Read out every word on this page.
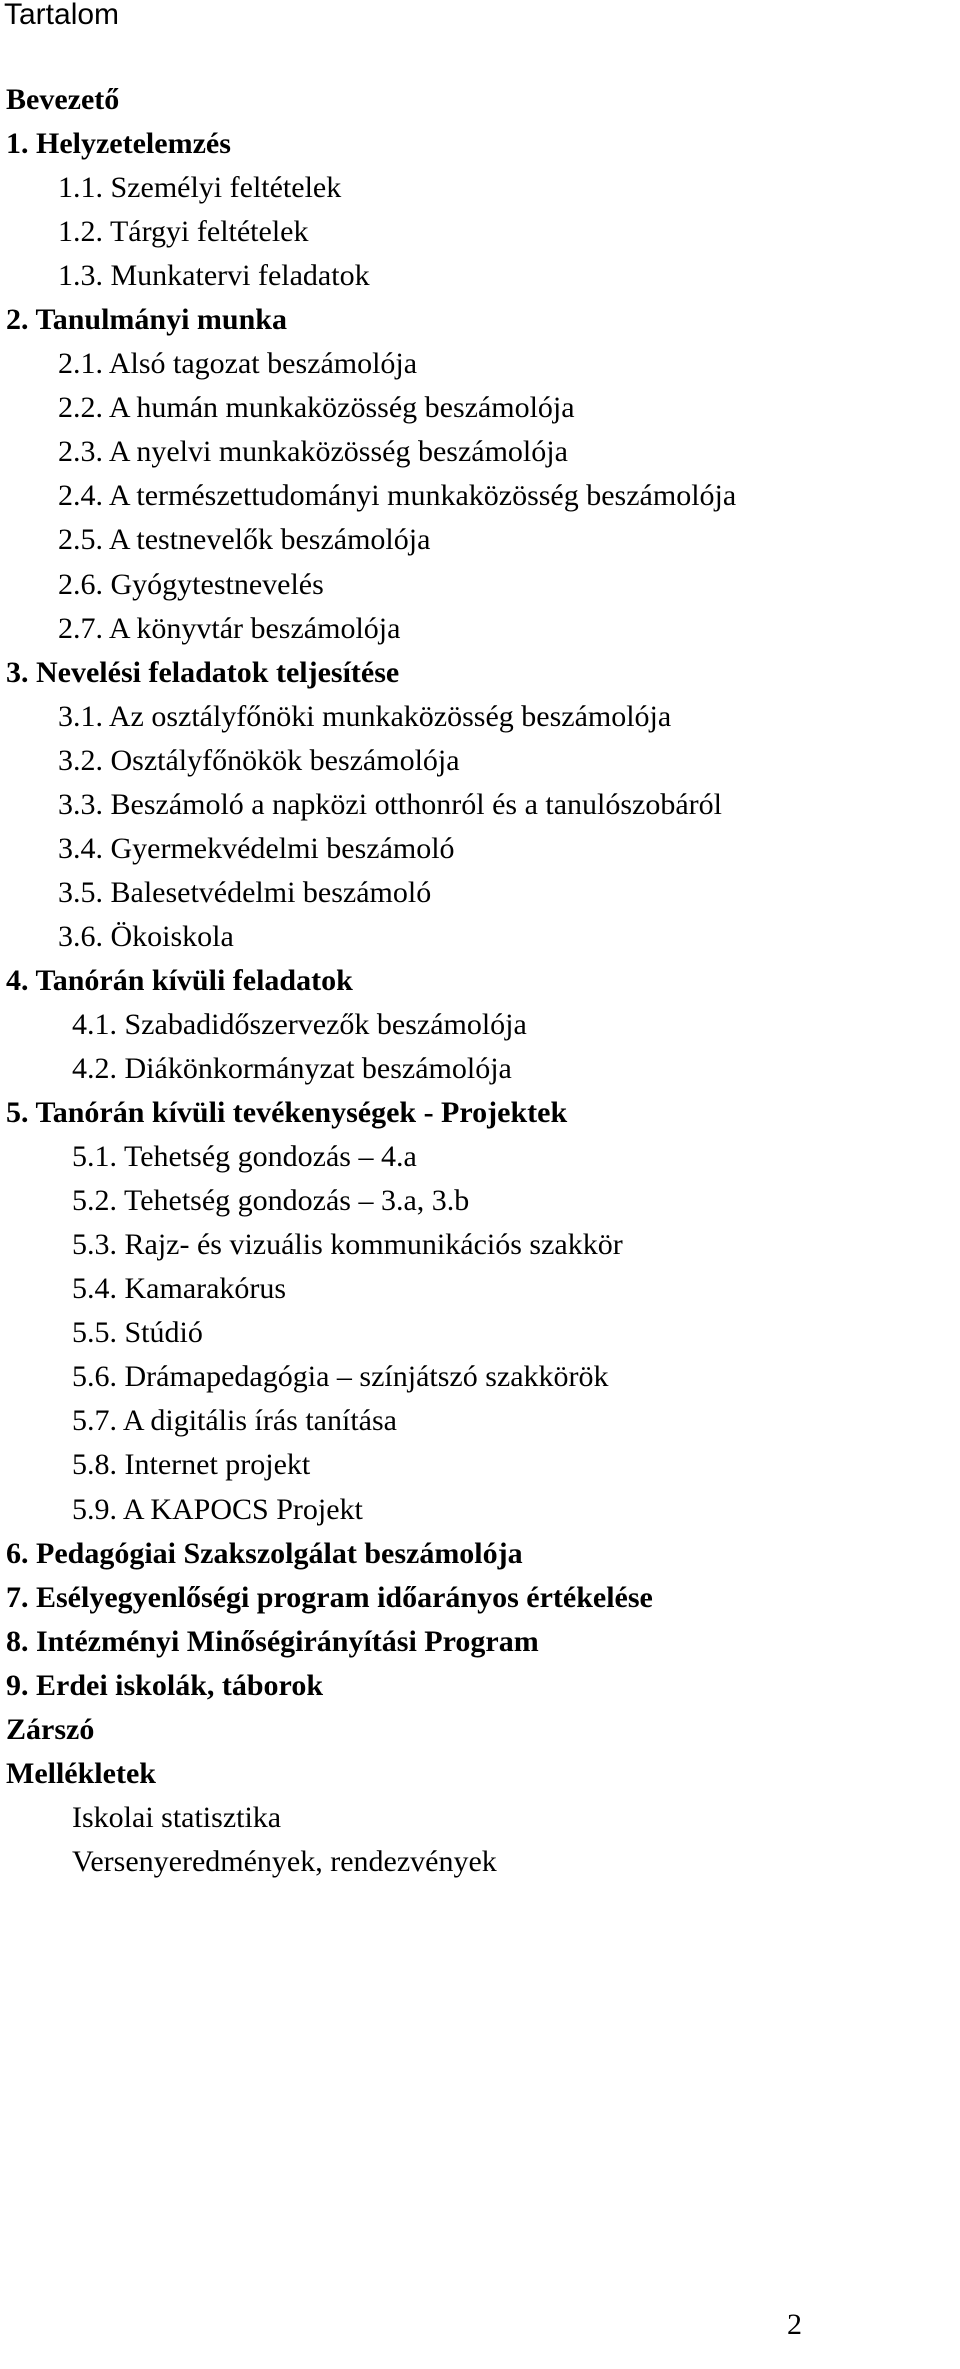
Tartalom
Bevezető
1. Helyzetelemzés
1.1. Személyi feltételek
1.2. Tárgyi feltételek
1.3. Munkatervi feladatok
2. Tanulmányi munka
2.1. Alsó tagozat beszámolója
2.2. A humán munkaközösség beszámolója
2.3. A nyelvi munkaközösség beszámolója
2.4. A természettudományi munkaközösség beszámolója
2.5. A testnevelők beszámolója
2.6. Gyógytestnevelés
2.7. A könyvtár beszámolója
3. Nevelési feladatok teljesítése
3.1. Az osztályfőnöki munkaközösség beszámolója
3.2. Osztályfőnökök beszámolója
3.3. Beszámoló a napközi otthonról és a tanulószobáról
3.4. Gyermekvédelmi beszámoló
3.5. Balesetvédelmi beszámoló
3.6. Ökoiskola
4. Tanórán kívüli feladatok
4.1. Szabadidőszervezők beszámolója
4.2. Diákönkormányzat beszámolója
5. Tanórán kívüli tevékenységek - Projektek
5.1. Tehetség gondozás – 4.a
5.2. Tehetség gondozás – 3.a, 3.b
5.3. Rajz- és vizuális kommunikációs szakkör
5.4. Kamarakórus
5.5. Stúdió
5.6. Drámapedagógia – színjátszó szakkörök
5.7. A digitális írás tanítása
5.8. Internet projekt
5.9. A KAPOCS Projekt
6. Pedagógiai Szakszolgálat beszámolója
7. Esélyegyenlőségi program időarányos értékelése
8. Intézményi Minőségirányítási Program
9. Erdei iskolák, táborok
Zárszó
Mellékletek
Iskolai statisztika
Versenyeredmények, rendezvények
2
